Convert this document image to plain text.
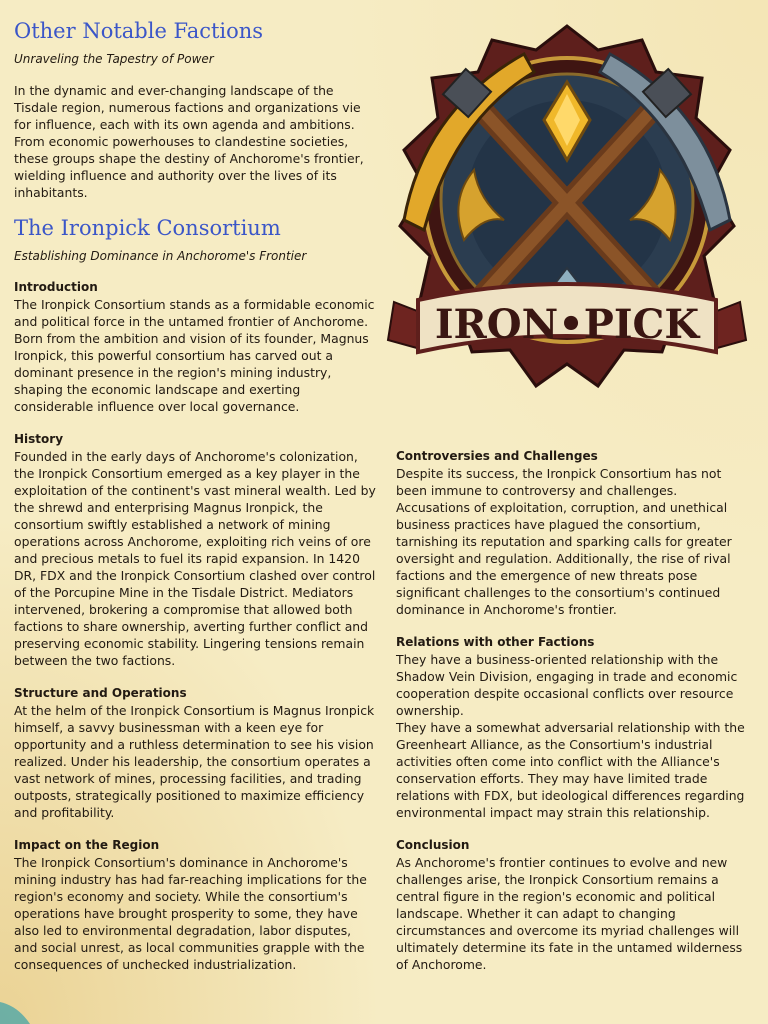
Other Notable Factions
Unraveling the Tapestry of Power

In the dynamic and ever-changing landscape of the Tisdale region, numerous factions and organizations vie for influence, each with its own agenda and ambitions. From economic powerhouses to clandestine societies, these groups shape the destiny of Anchorome's frontier, wielding influence and authority over the lives of its inhabitants.

The Ironpick Consortium
Establishing Dominance in Anchorome's Frontier
Introduction

The Ironpick Consortium stands as a formidable economic and political force in the untamed frontier of Anchorome. Born from the ambition and vision of its founder, Magnus Ironpick, this powerful consortium has carved out a dominant presence in the region's mining industry, shaping the economic landscape and exerting considerable influence over local governance.

History

Founded in the early days of Anchorome's colonization, the Ironpick Consortium emerged as a key player in the exploitation of the continent's vast mineral wealth. Led by the shrewd and enterprising Magnus Ironpick, the consortium swiftly established a network of mining operations across Anchorome, exploiting rich veins of ore and precious metals to fuel its rapid expansion. In 1420 DR, FDX and the Ironpick Consortium clashed over control of the Porcupine Mine in the Tisdale District. Mediators intervened, brokering a compromise that allowed both factions to share ownership, averting further conflict and preserving economic stability. Lingering tensions remain between the two factions.

Structure and Operations

At the helm of the Ironpick Consortium is Magnus Ironpick himself, a savvy businessman with a keen eye for opportunity and a ruthless determination to see his vision realized. Under his leadership, the consortium operates a vast network of mines, processing facilities, and trading outposts, strategically positioned to maximize efficiency and profitability.

Impact on the Region

The Ironpick Consortium's dominance in Anchorome's mining industry has had far-reaching implications for the region's economy and society. While the consortium's operations have brought prosperity to some, they have also led to environmental degradation, labor disputes, and social unrest, as local communities grapple with the consequences of unchecked industrialization.

IRON•PICK
Controversies and Challenges

Despite its success, the Ironpick Consortium has not been immune to controversy and challenges. Accusations of exploitation, corruption, and unethical business practices have plagued the consortium, tarnishing its reputation and sparking calls for greater oversight and regulation. Additionally, the rise of rival factions and the emergence of new threats pose significant challenges to the consortium's continued dominance in Anchorome's frontier.

Relations with other Factions

They have a business-oriented relationship with the Shadow Vein Division, engaging in trade and economic cooperation despite occasional conflicts over resource ownership.

They have a somewhat adversarial relationship with the Greenheart Alliance, as the Consortium's industrial activities often come into conflict with the Alliance's conservation efforts. They may have limited trade relations with FDX, but ideological differences regarding environmental impact may strain this relationship.

Conclusion

As Anchorome's frontier continues to evolve and new challenges arise, the Ironpick Consortium remains a central figure in the region's economic and political landscape. Whether it can adapt to changing circumstances and overcome its myriad challenges will ultimately determine its fate in the untamed wilderness of Anchorome.
